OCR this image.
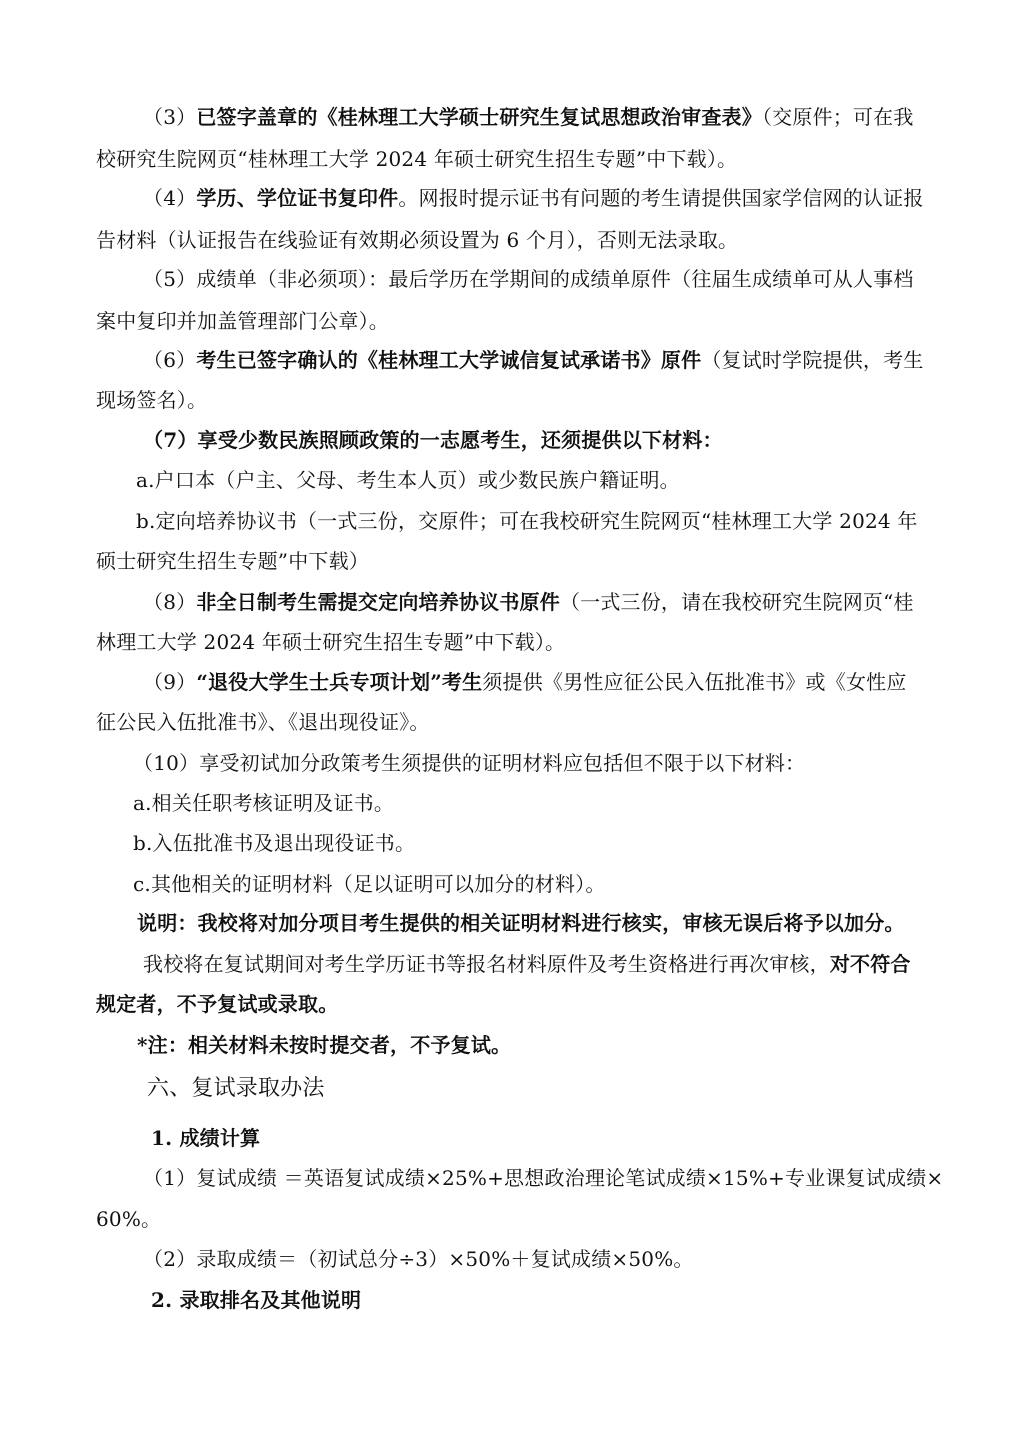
（3）已签字盖章的《桂林理工大学硕士研究生复试思想政治审查表》（交原件；可在我
校研究生院网页“桂林理工大学 2024 年硕士研究生招生专题”中下载）。
（4）学历、学位证书复印件。网报时提示证书有问题的考生请提供国家学信网的认证报
告材料（认证报告在线验证有效期必须设置为 6 个月），否则无法录取。
（5）成绩单（非必须项）：最后学历在学期间的成绩单原件（往届生成绩单可从人事档
案中复印并加盖管理部门公章）。
（6）考生已签字确认的《桂林理工大学诚信复试承诺书》原件（复试时学院提供，考生
现场签名）。
（7）享受少数民族照顾政策的一志愿考生，还须提供以下材料：
a.户口本（户主、父母、考生本人页）或少数民族户籍证明。
b.定向培养协议书（一式三份，交原件；可在我校研究生院网页“桂林理工大学 2024 年
硕士研究生招生专题”中下载）
（8）非全日制考生需提交定向培养协议书原件（一式三份，请在我校研究生院网页“桂
林理工大学 2024 年硕士研究生招生专题”中下载）。
（9）“退役大学生士兵专项计划”考生须提供《男性应征公民入伍批准书》或《女性应
征公民入伍批准书》、《退出现役证》。
（10）享受初试加分政策考生须提供的证明材料应包括但不限于以下材料：
a.相关任职考核证明及证书。
b.入伍批准书及退出现役证书。
c.其他相关的证明材料（足以证明可以加分的材料）。
说明：我校将对加分项目考生提供的相关证明材料进行核实，审核无误后将予以加分。
我校将在复试期间对考生学历证书等报名材料原件及考生资格进行再次审核，对不符合
规定者，不予复试或录取。
*注：相关材料未按时提交者，不予复试。
六、复试录取办法
1. 成绩计算
（1）复试成绩 ＝英语复试成绩×25%+思想政治理论笔试成绩×15%+专业课复试成绩×
60%。
（2）录取成绩＝（初试总分÷3）×50%＋复试成绩×50%。
2. 录取排名及其他说明
